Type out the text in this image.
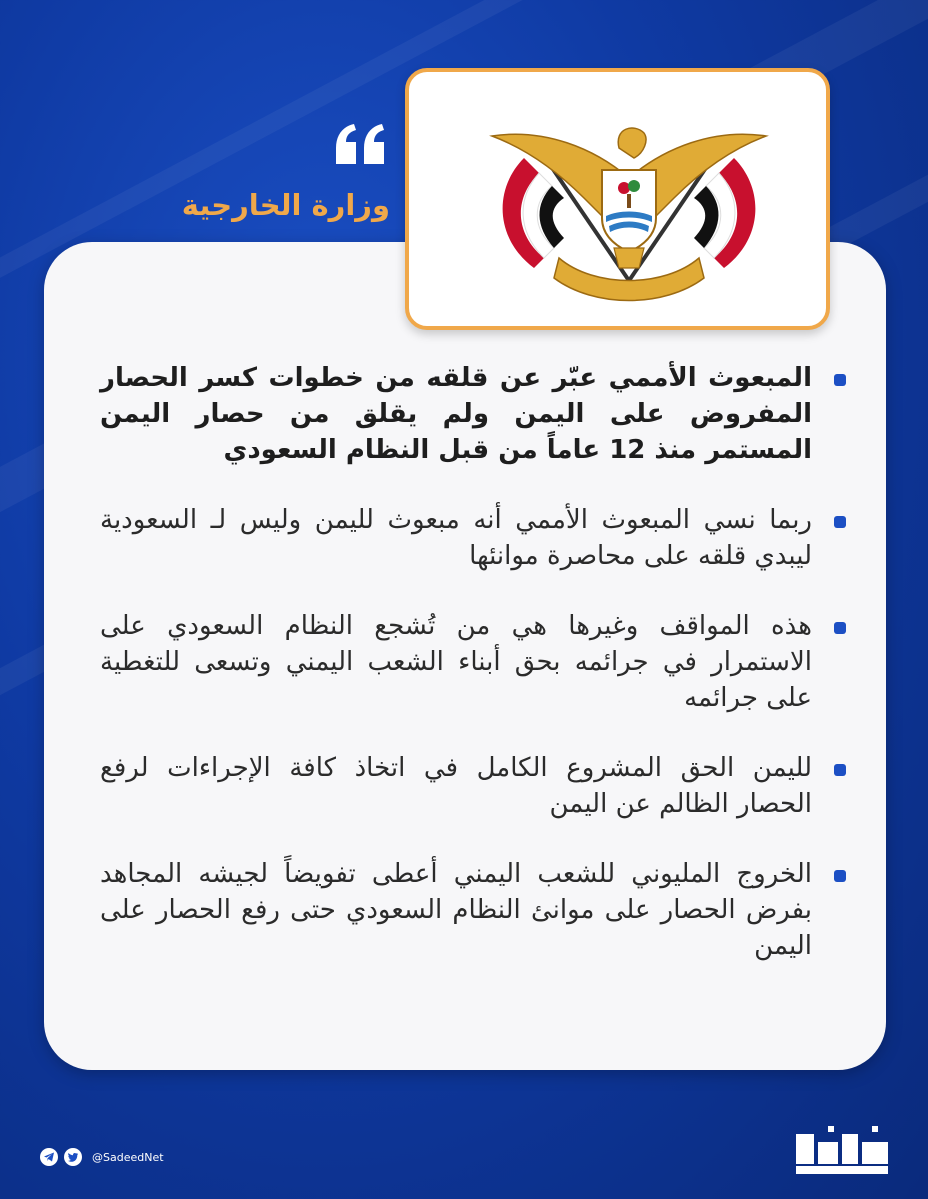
وزارة الخارجية
المبعوث الأممي عبّر عن قلقه من خطوات كسر الحصار المفروض على اليمن ولم يقلق من حصار اليمن المستمر منذ 12 عاماً من قبل النظام السعودي
ربما نسي المبعوث الأممي أنه مبعوث لليمن وليس لـ السعودية ليبدي قلقه على محاصرة موانئها
هذه المواقف وغيرها هي من تُشجع النظام السعودي على الاستمرار في جرائمه بحق أبناء الشعب اليمني وتسعى للتغطية على جرائمه
لليمن الحق المشروع الكامل في اتخاذ كافة الإجراءات لرفع الحصار الظالم عن اليمن
الخروج المليوني للشعب اليمني أعطى تفويضاً لجيشه المجاهد بفرض الحصار على موانئ النظام السعودي حتى رفع الحصار على اليمن
@SadeedNet
